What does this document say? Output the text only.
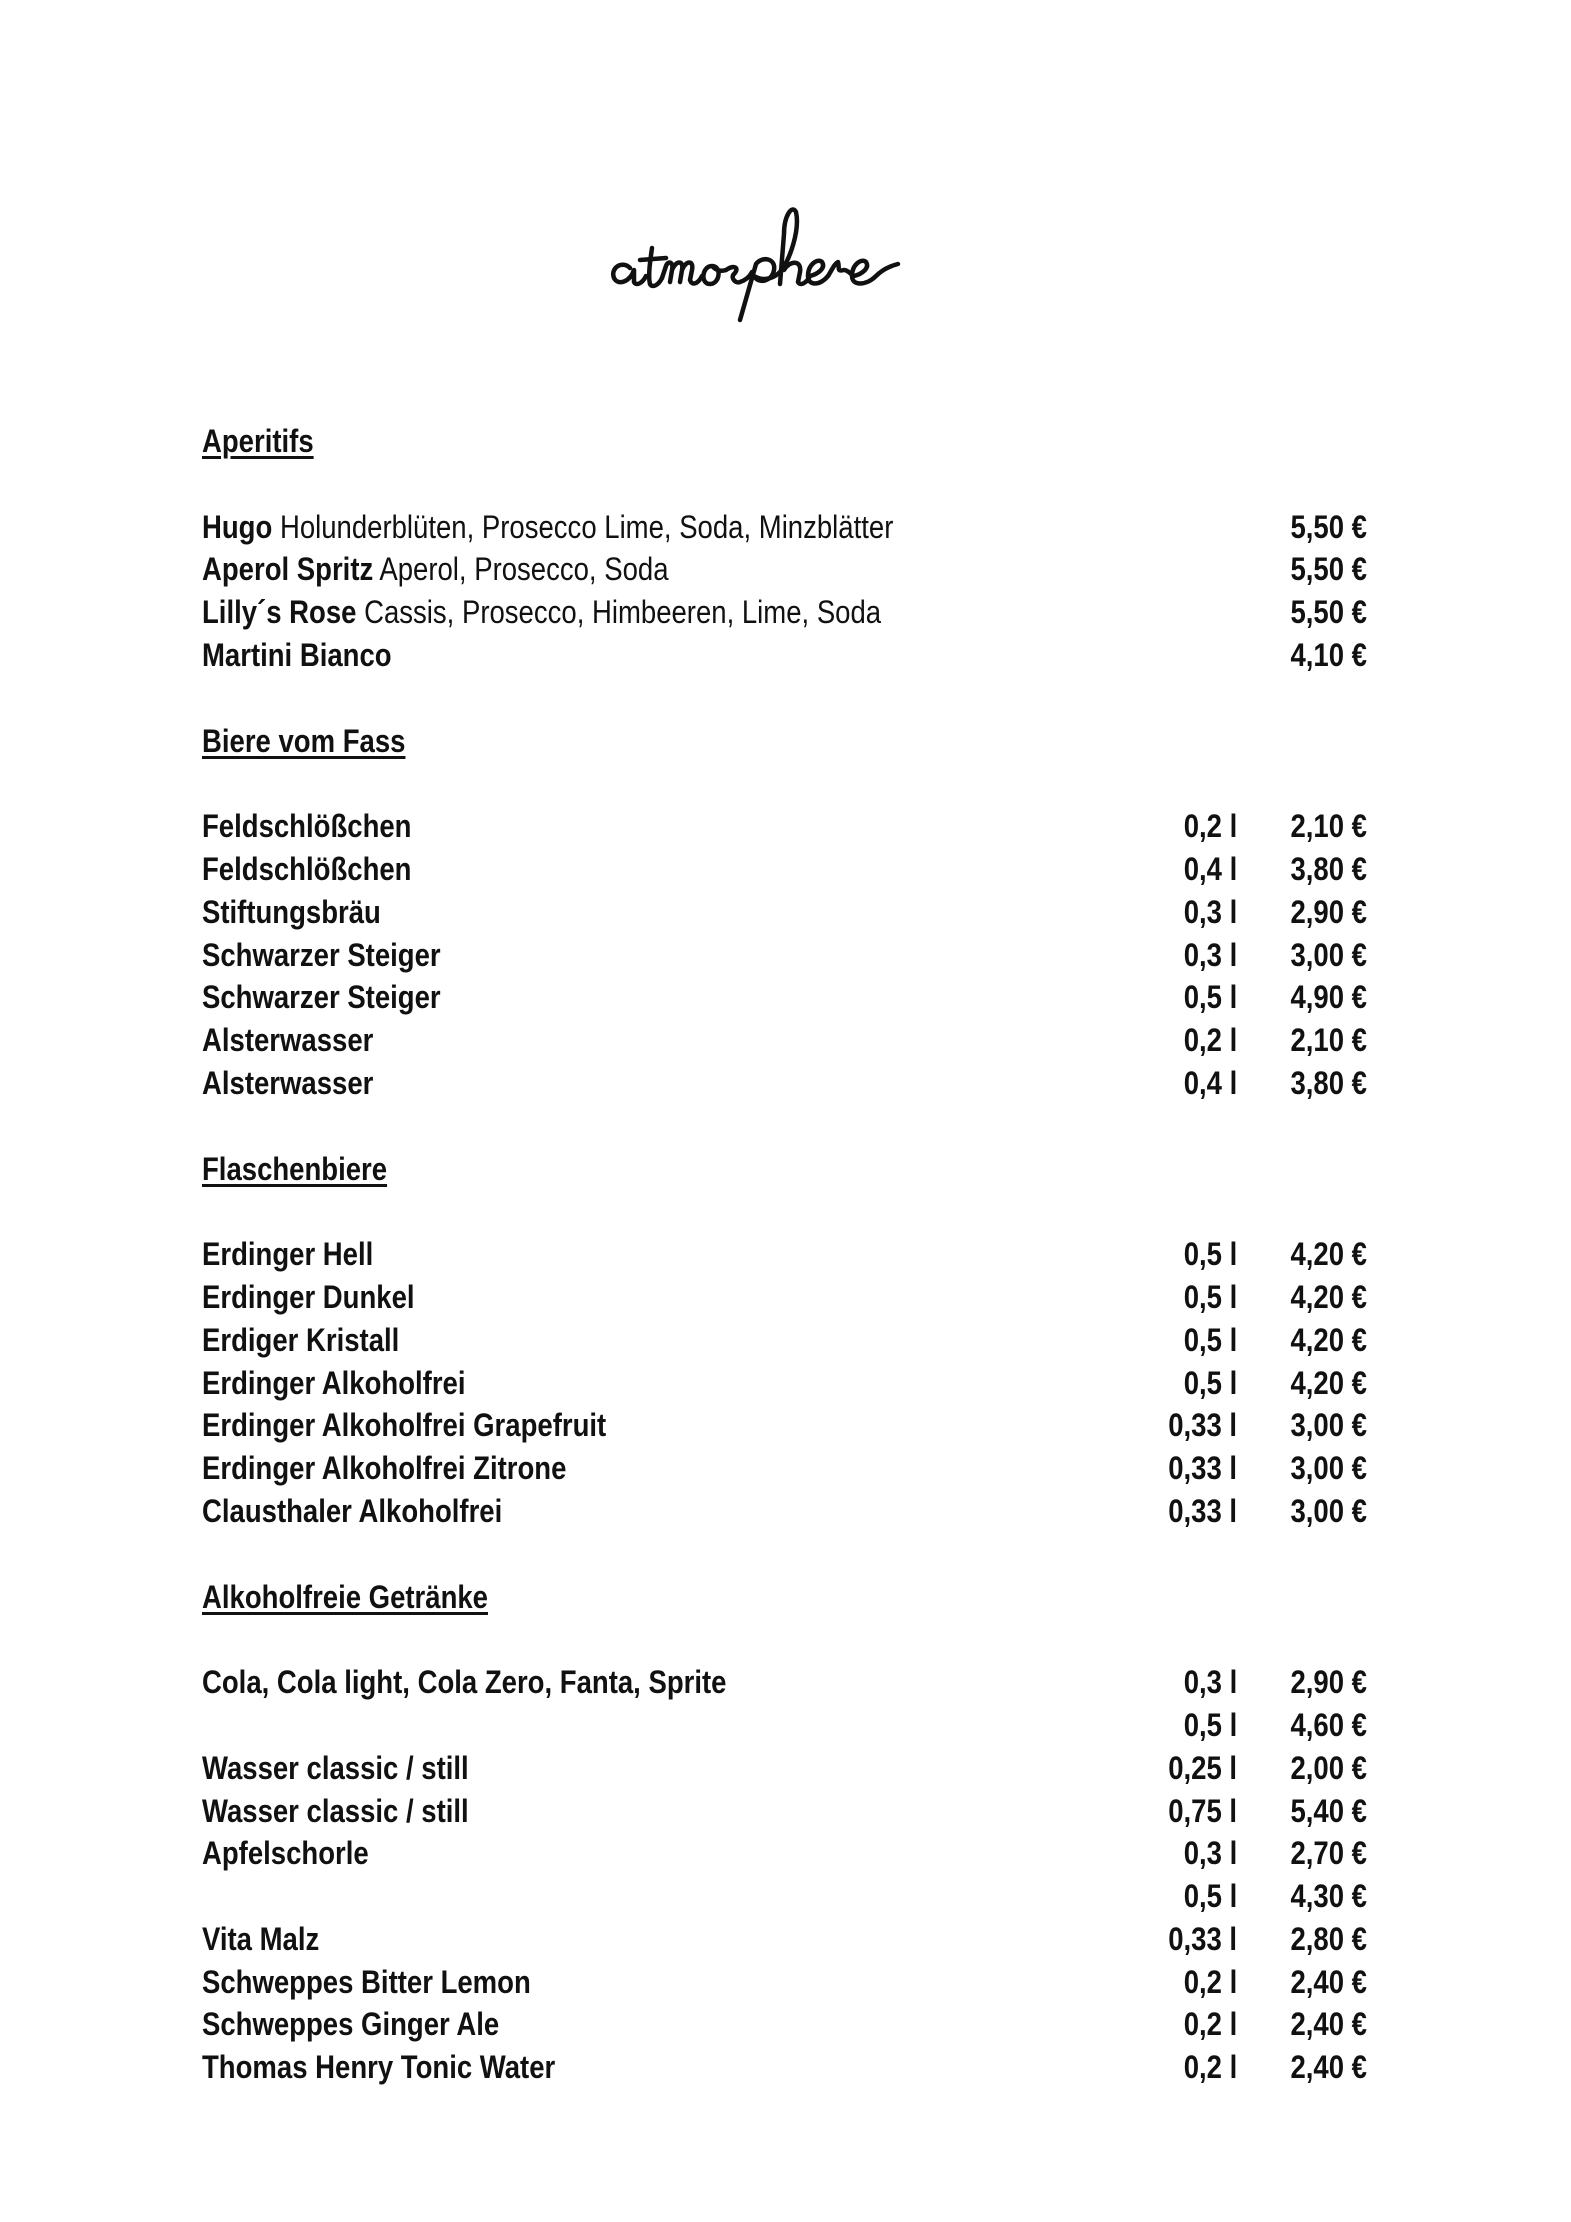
Aperitifs
Hugo Holunderblüten, Prosecco Lime, Soda, Minzblätter	5,50 €
Aperol Spritz Aperol, Prosecco, Soda	5,50 €
Lilly´s Rose Cassis, Prosecco, Himbeeren, Lime, Soda	5,50 €
Martini Bianco	4,10 €
Biere vom Fass
Feldschlößchen	0,2 l 2,10 €
Feldschlößchen	0,4 l 3,80 €
Stiftungsbräu	0,3 l 2,90 €
Schwarzer Steiger	0,3 l 3,00 €
Schwarzer Steiger	0,5 l 4,90 €
Alsterwasser	0,2 l 2,10 €
Alsterwasser	0,4 l 3,80 €
Flaschenbiere
Erdinger Hell	0,5 l 4,20 €
Erdinger Dunkel	0,5 l 4,20 €
Erdiger Kristall	0,5 l 4,20 €
Erdinger Alkoholfrei	0,5 l 4,20 €
Erdinger Alkoholfrei Grapefruit	0,33 l 3,00 €
Erdinger Alkoholfrei Zitrone	0,33 l 3,00 €
Clausthaler Alkoholfrei	0,33 l 3,00 €
Alkoholfreie Getränke
Cola, Cola light, Cola Zero, Fanta, Sprite	0,3 l 2,90 €
0,5 l 4,60 €
Wasser classic / still	0,25 l 2,00 €
Wasser classic / still	0,75 l 5,40 €
Apfelschorle	0,3 l 2,70 €
0,5 l 4,30 €
Vita Malz	0,33 l 2,80 €
Schweppes Bitter Lemon	0,2 l 2,40 €
Schweppes Ginger Ale	0,2 l 2,40 €
Thomas Henry Tonic Water	0,2 l 2,40 €
